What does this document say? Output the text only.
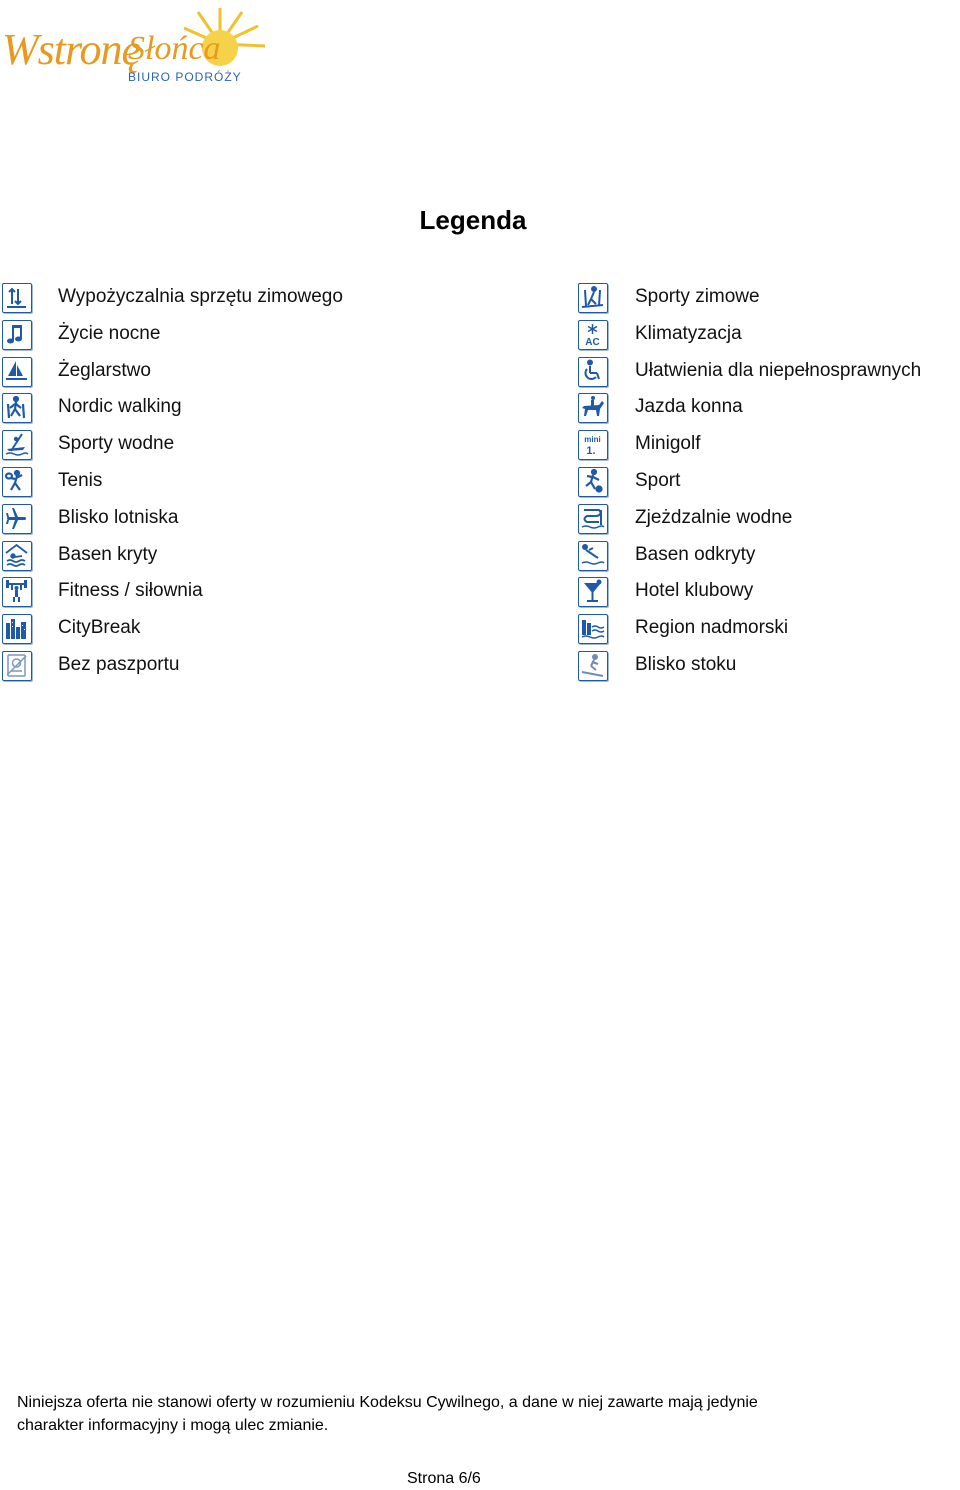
Wstronę
Słońca
BIURO PODRÓŻY
Legenda
Wypożyczalnia sprzętu zimowego
Życie nocne
Żeglarstwo
Nordic walking
Sporty wodne
Tenis
Blisko lotniska
Basen kryty
Fitness / siłownia
CityBreak
Bez paszportu
Sporty zimowe
AC Klimatyzacja
Ułatwienia dla niepełnosprawnych
Jazda konna
mini
1. Minigolf
Sport
Zjeżdzalnie wodne
Basen odkryty
Hotel klubowy
Region nadmorski
Blisko stoku

Niniejsza oferta nie stanowi oferty w rozumieniu Kodeksu Cywilnego, a dane w niej zawarte mają jedynie charakter informacyjny i mogą ulec zmianie.

Strona 6/6
